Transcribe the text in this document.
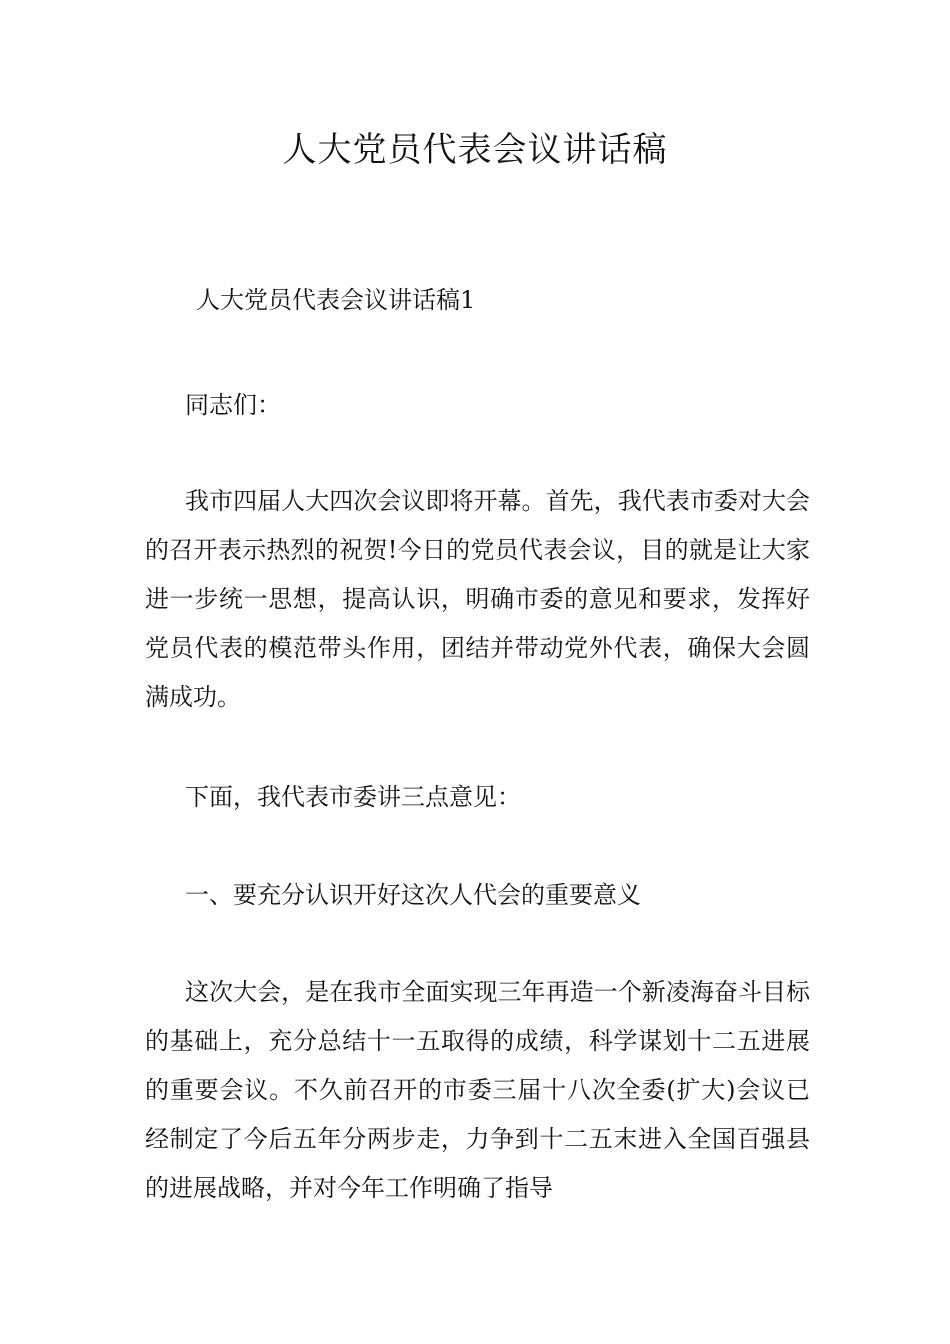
人大党员代表会议讲话稿

人大党员代表会议讲话稿1

同志们：

我市四届人大四次会议即将开幕。首先，我代表市委对大会的召开表示热烈的祝贺!今日的党员代表会议，目的就是让大家进一步统一思想，提高认识，明确市委的意见和要求，发挥好党员代表的模范带头作用，团结并带动党外代表，确保大会圆满成功。

下面，我代表市委讲三点意见：

一、要充分认识开好这次人代会的重要意义

这次大会，是在我市全面实现三年再造一个新凌海奋斗目标的基础上，充分总结十一五取得的成绩，科学谋划十二五进展的重要会议。不久前召开的市委三届十八次全委(扩大)会议已经制定了今后五年分两步走，力争到十二五末进入全国百强县的进展战略，并对今年工作明确了指导
